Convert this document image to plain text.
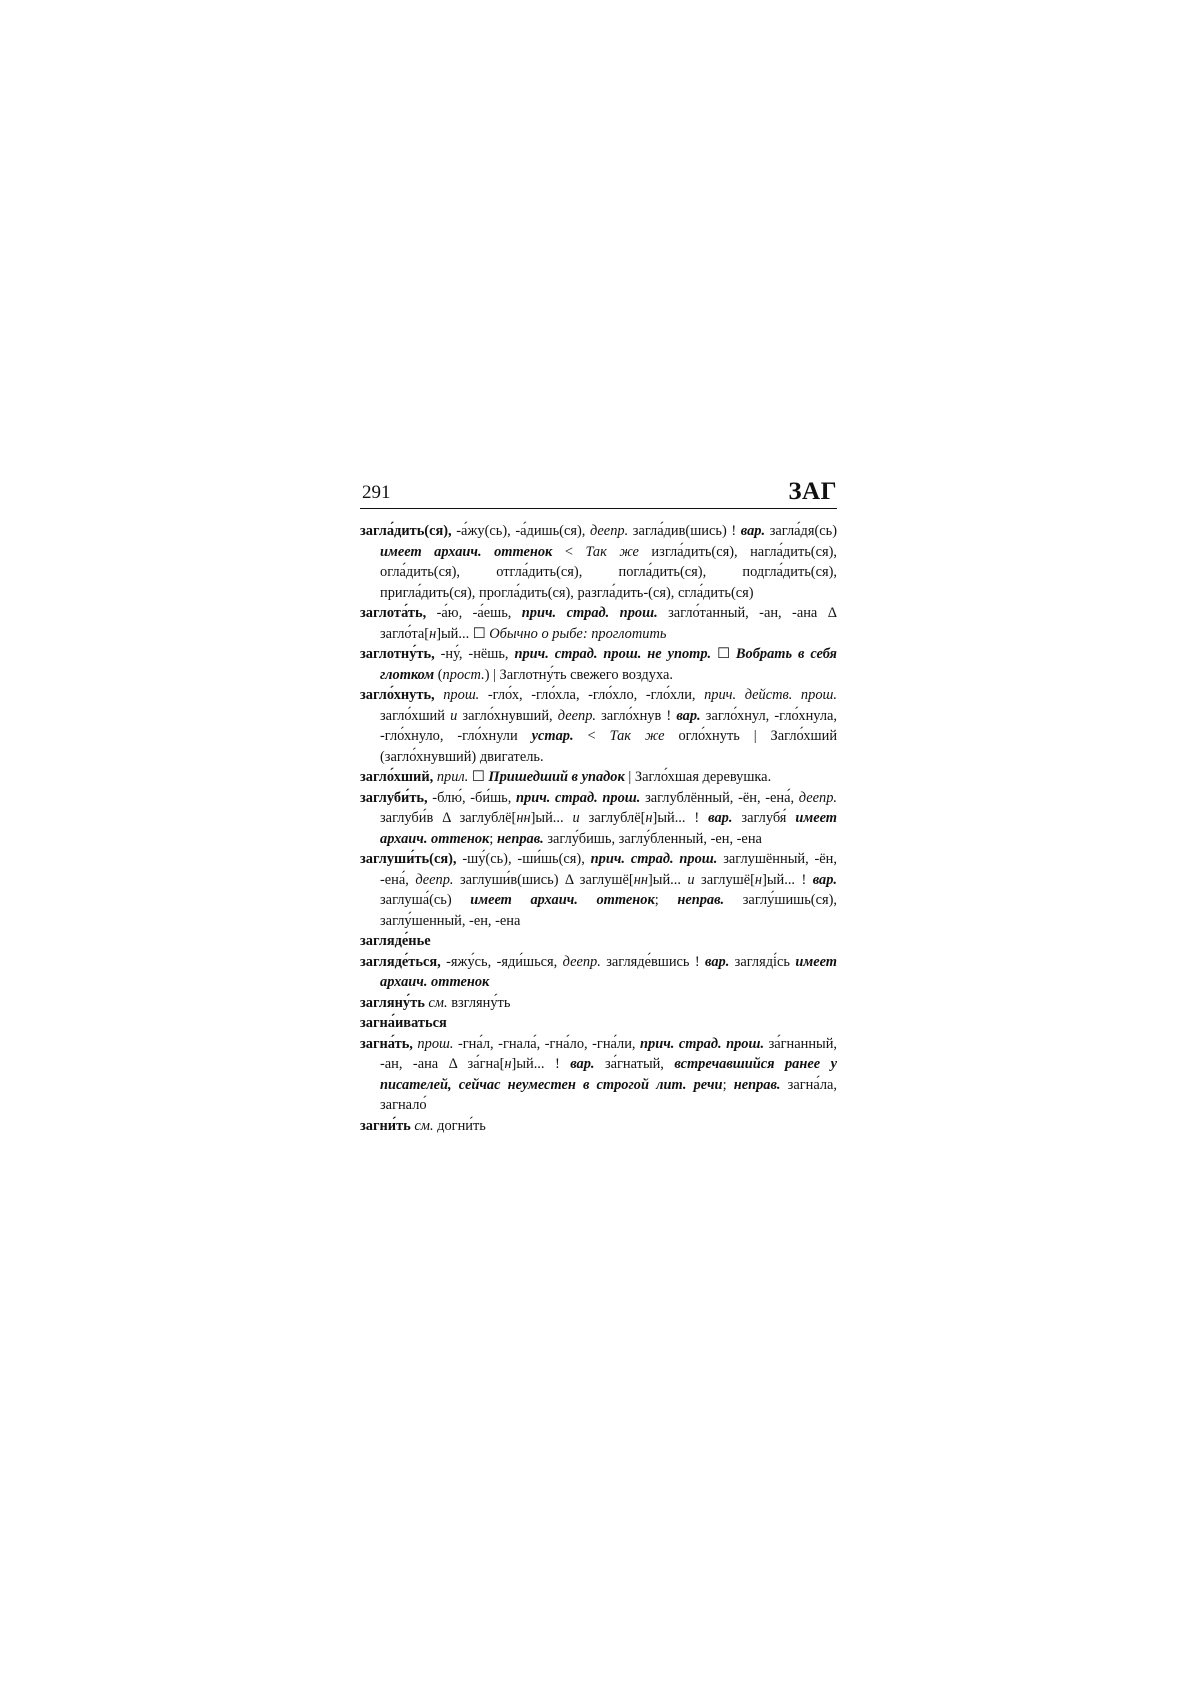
291	ЗАГ

загла́дить(ся), -а́жу(сь), -а́дишь(ся), деепр. загла́див(шись) ! вар. загла́дя(сь) имеет архаич. оттенок < Так же изгла́дить(ся), нагла́дить(ся), огла́дить(ся), отгла́дить(ся), погла́дить(ся), подгла́дить(ся), пригла́дить(ся), прогла́дить(ся), разгла́дить-(ся), сгла́дить(ся)

заглота́ть, -а́ю, -а́ешь, прич. страд. прош. загло́танный, -ан, -ана Δ загло́та[н]ый... ☐ Обычно о рыбе: проглотить

заглотну́ть, -ну́, -нёшь, прич. страд. прош. не употр. ☐ Вобрать в себя глотком (прост.) | Заглотну́ть свежего воздуха.

загло́хнуть, прош. -гло́х, -гло́хла, -гло́хло, -гло́хли, прич. действ. прош. загло́хший и загло́хнувший, деепр. загло́хнув ! вар. загло́хнул, -гло́хнула, -гло́хнуло, -гло́хнули устар. < Так же огло́хнуть | Загло́хший (загло́хнувший) двигатель.

загло́хший, прил. ☐ Пришедший в упадок | Загло́хшая деревушка.

заглуби́ть, -блю́, -би́шь, прич. страд. прош. заглублённый, -ён, -ена́, деепр. заглуби́в Δ заглублё[нн]ый... и заглублё[н]ый... ! вар. заглубя́ имеет архаич. оттенок; неправ. заглу́бишь, заглу́бленный, -ен, -ена

заглуши́ть(ся), -шу́(сь), -ши́шь(ся), прич. страд. прош. заглушённый, -ён, -ена́, деепр. заглуши́в(шись) Δ заглушё[нн]ый... и заглушё[н]ый... ! вар. заглуша́(сь) имеет архаич. оттенок; неправ. заглу́шишь(ся), заглу́шенный, -ен, -ена

загляде́нье

загляде́ться, -яжу́сь, -яди́шься, деепр. загляде́вшись ! вар. загляді́сь имеет архаич. оттенок

загляну́ть см. взгляну́ть

загна́иваться

загна́ть, прош. -гна́л, -гнала́, -гна́ло, -гна́ли, прич. страд. прош. за́гнанный, -ан, -ана Δ за́гна[н]ый... ! вар. за́гнатый, встречавшийся ранее у писателей, сейчас неуместен в строгой лит. речи; неправ. загна́ла, загнало́

загни́ть см. догни́ть
